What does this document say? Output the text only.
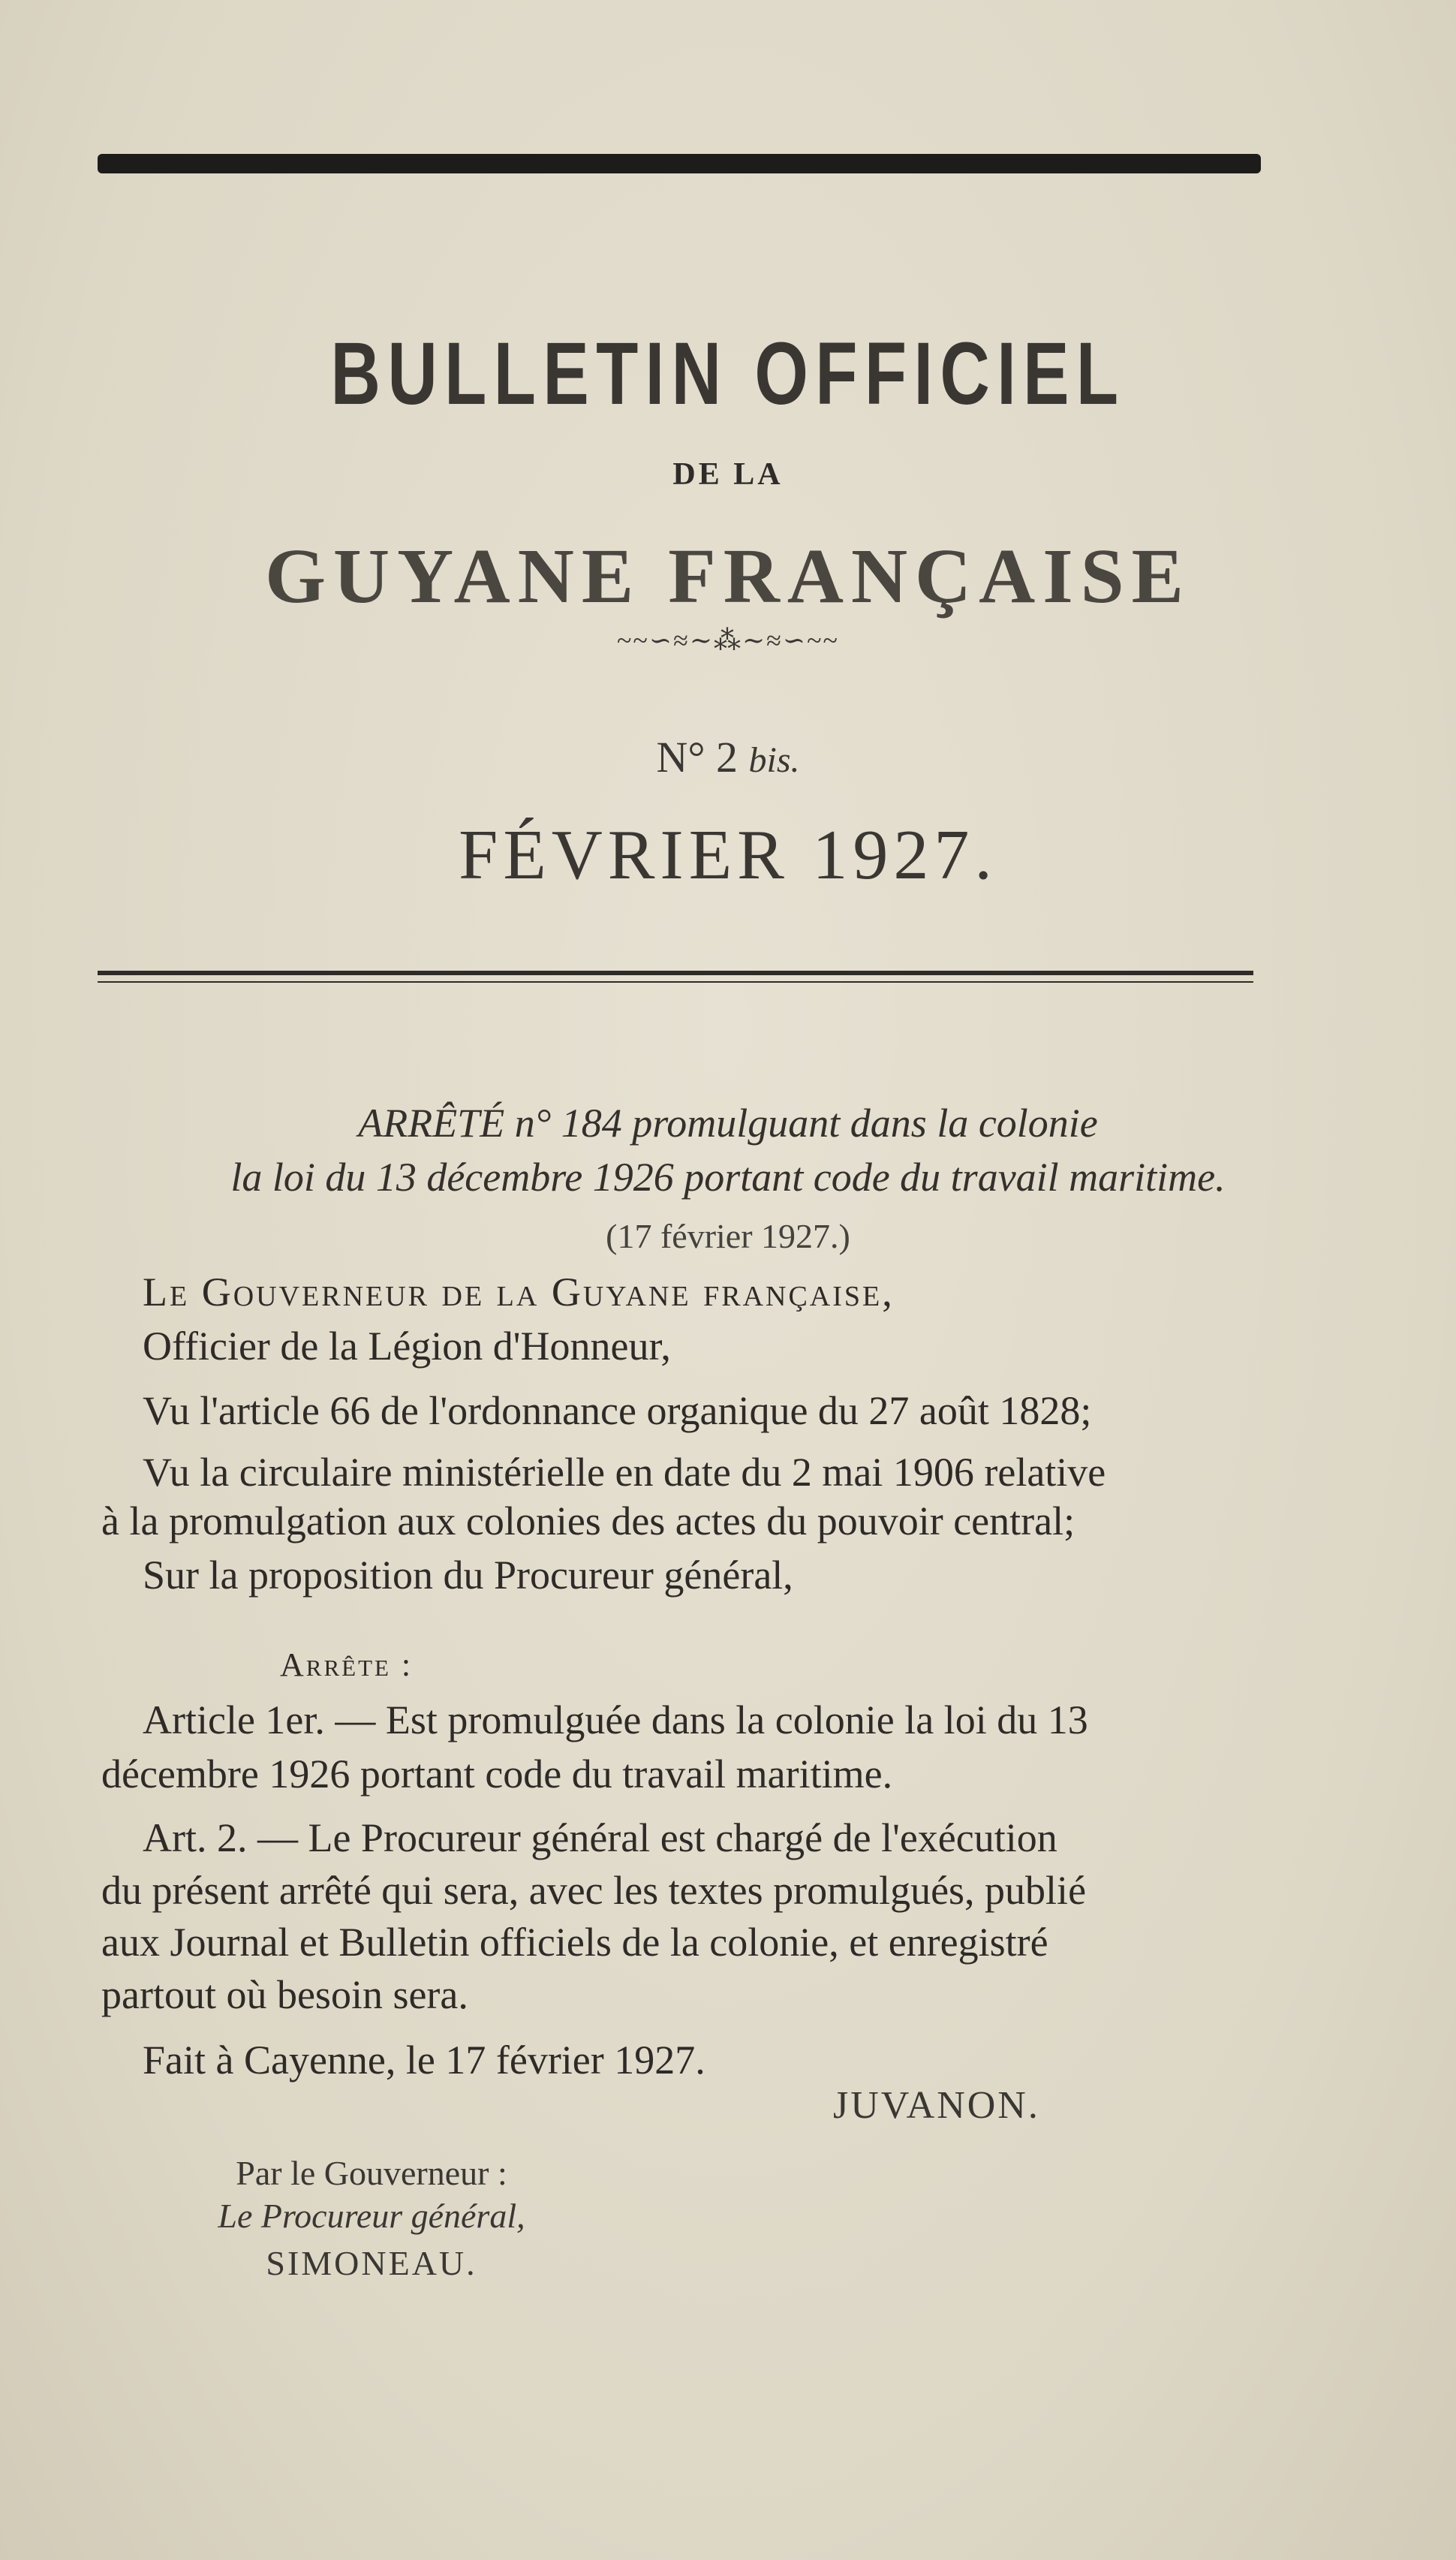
BULLETIN OFFICIEL
DE LA
GUYANE FRANÇAISE
~~∽≈∼⁂∼≈∽~~
N° 2 bis.
FÉVRIER 1927.
ARRÊTÉ n° 184 promulguant dans la colonie
la loi du 13 décembre 1926 portant code du travail maritime.
(17 février 1927.)
Le Gouverneur de la Guyane française,
Officier de la Légion d'Honneur,
Vu l'article 66 de l'ordonnance organique du 27 août 1828;
Vu la circulaire ministérielle en date du 2 mai 1906 relative
à la promulgation aux colonies des actes du pouvoir central;
Sur la proposition du Procureur général,
Arrête :
Article 1er. — Est promulguée dans la colonie la loi du 13
décembre 1926 portant code du travail maritime.
Art. 2. — Le Procureur général est chargé de l'exécution
du présent arrêté qui sera, avec les textes promulgués, publié
aux Journal et Bulletin officiels de la colonie, et enregistré
partout où besoin sera.
Fait à Cayenne, le 17 février 1927.
JUVANON.
Par le Gouverneur :
Le Procureur général,
SIMONEAU.
